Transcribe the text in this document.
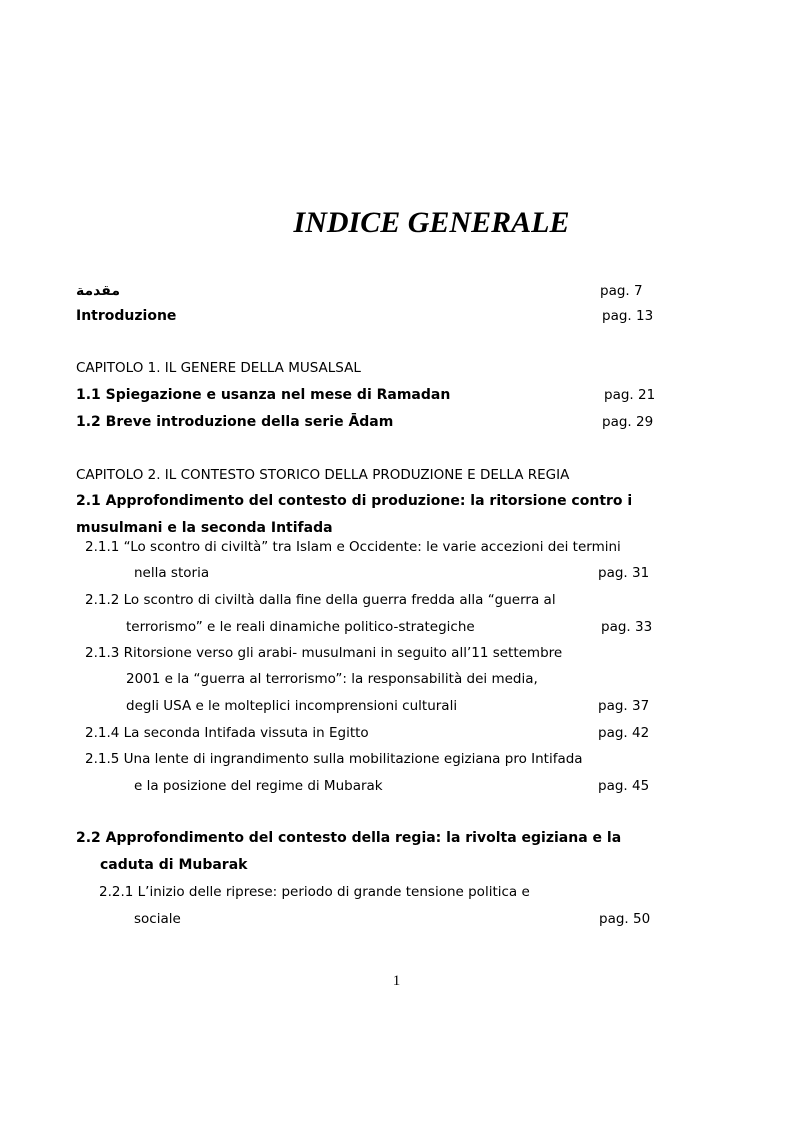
INDICE GENERALE
مقدمة	pag. 7
Introduzione	pag. 13
CAPITOLO 1. IL GENERE DELLA MUSALSAL
1.1 Spiegazione e usanza nel mese di Ramadan	pag. 21
1.2 Breve introduzione della serie Ādam	pag. 29
CAPITOLO 2. IL CONTESTO STORICO DELLA PRODUZIONE E DELLA REGIA
2.1 Approfondimento del contesto di produzione: la ritorsione contro i
musulmani e la seconda Intifada
2.1.1 “Lo scontro di civiltà” tra Islam e Occidente: le varie accezioni dei termini
nella storia	pag. 31
2.1.2 Lo scontro di civiltà dalla fine della guerra fredda alla “guerra al
terrorismo” e le reali dinamiche politico-strategiche	pag. 33
2.1.3 Ritorsione verso gli arabi- musulmani in seguito all’11 settembre
2001 e la “guerra al terrorismo”: la responsabilità dei media,
degli USA e le molteplici incomprensioni culturali	pag. 37
2.1.4 La seconda Intifada vissuta in Egitto	pag. 42
2.1.5 Una lente di ingrandimento sulla mobilitazione egiziana pro Intifada
e la posizione del regime di Mubarak	pag. 45
2.2 Approfondimento del contesto della regia: la rivolta egiziana e la
caduta di Mubarak
2.2.1 L’inizio delle riprese: periodo di grande tensione politica e
sociale	pag. 50
1
